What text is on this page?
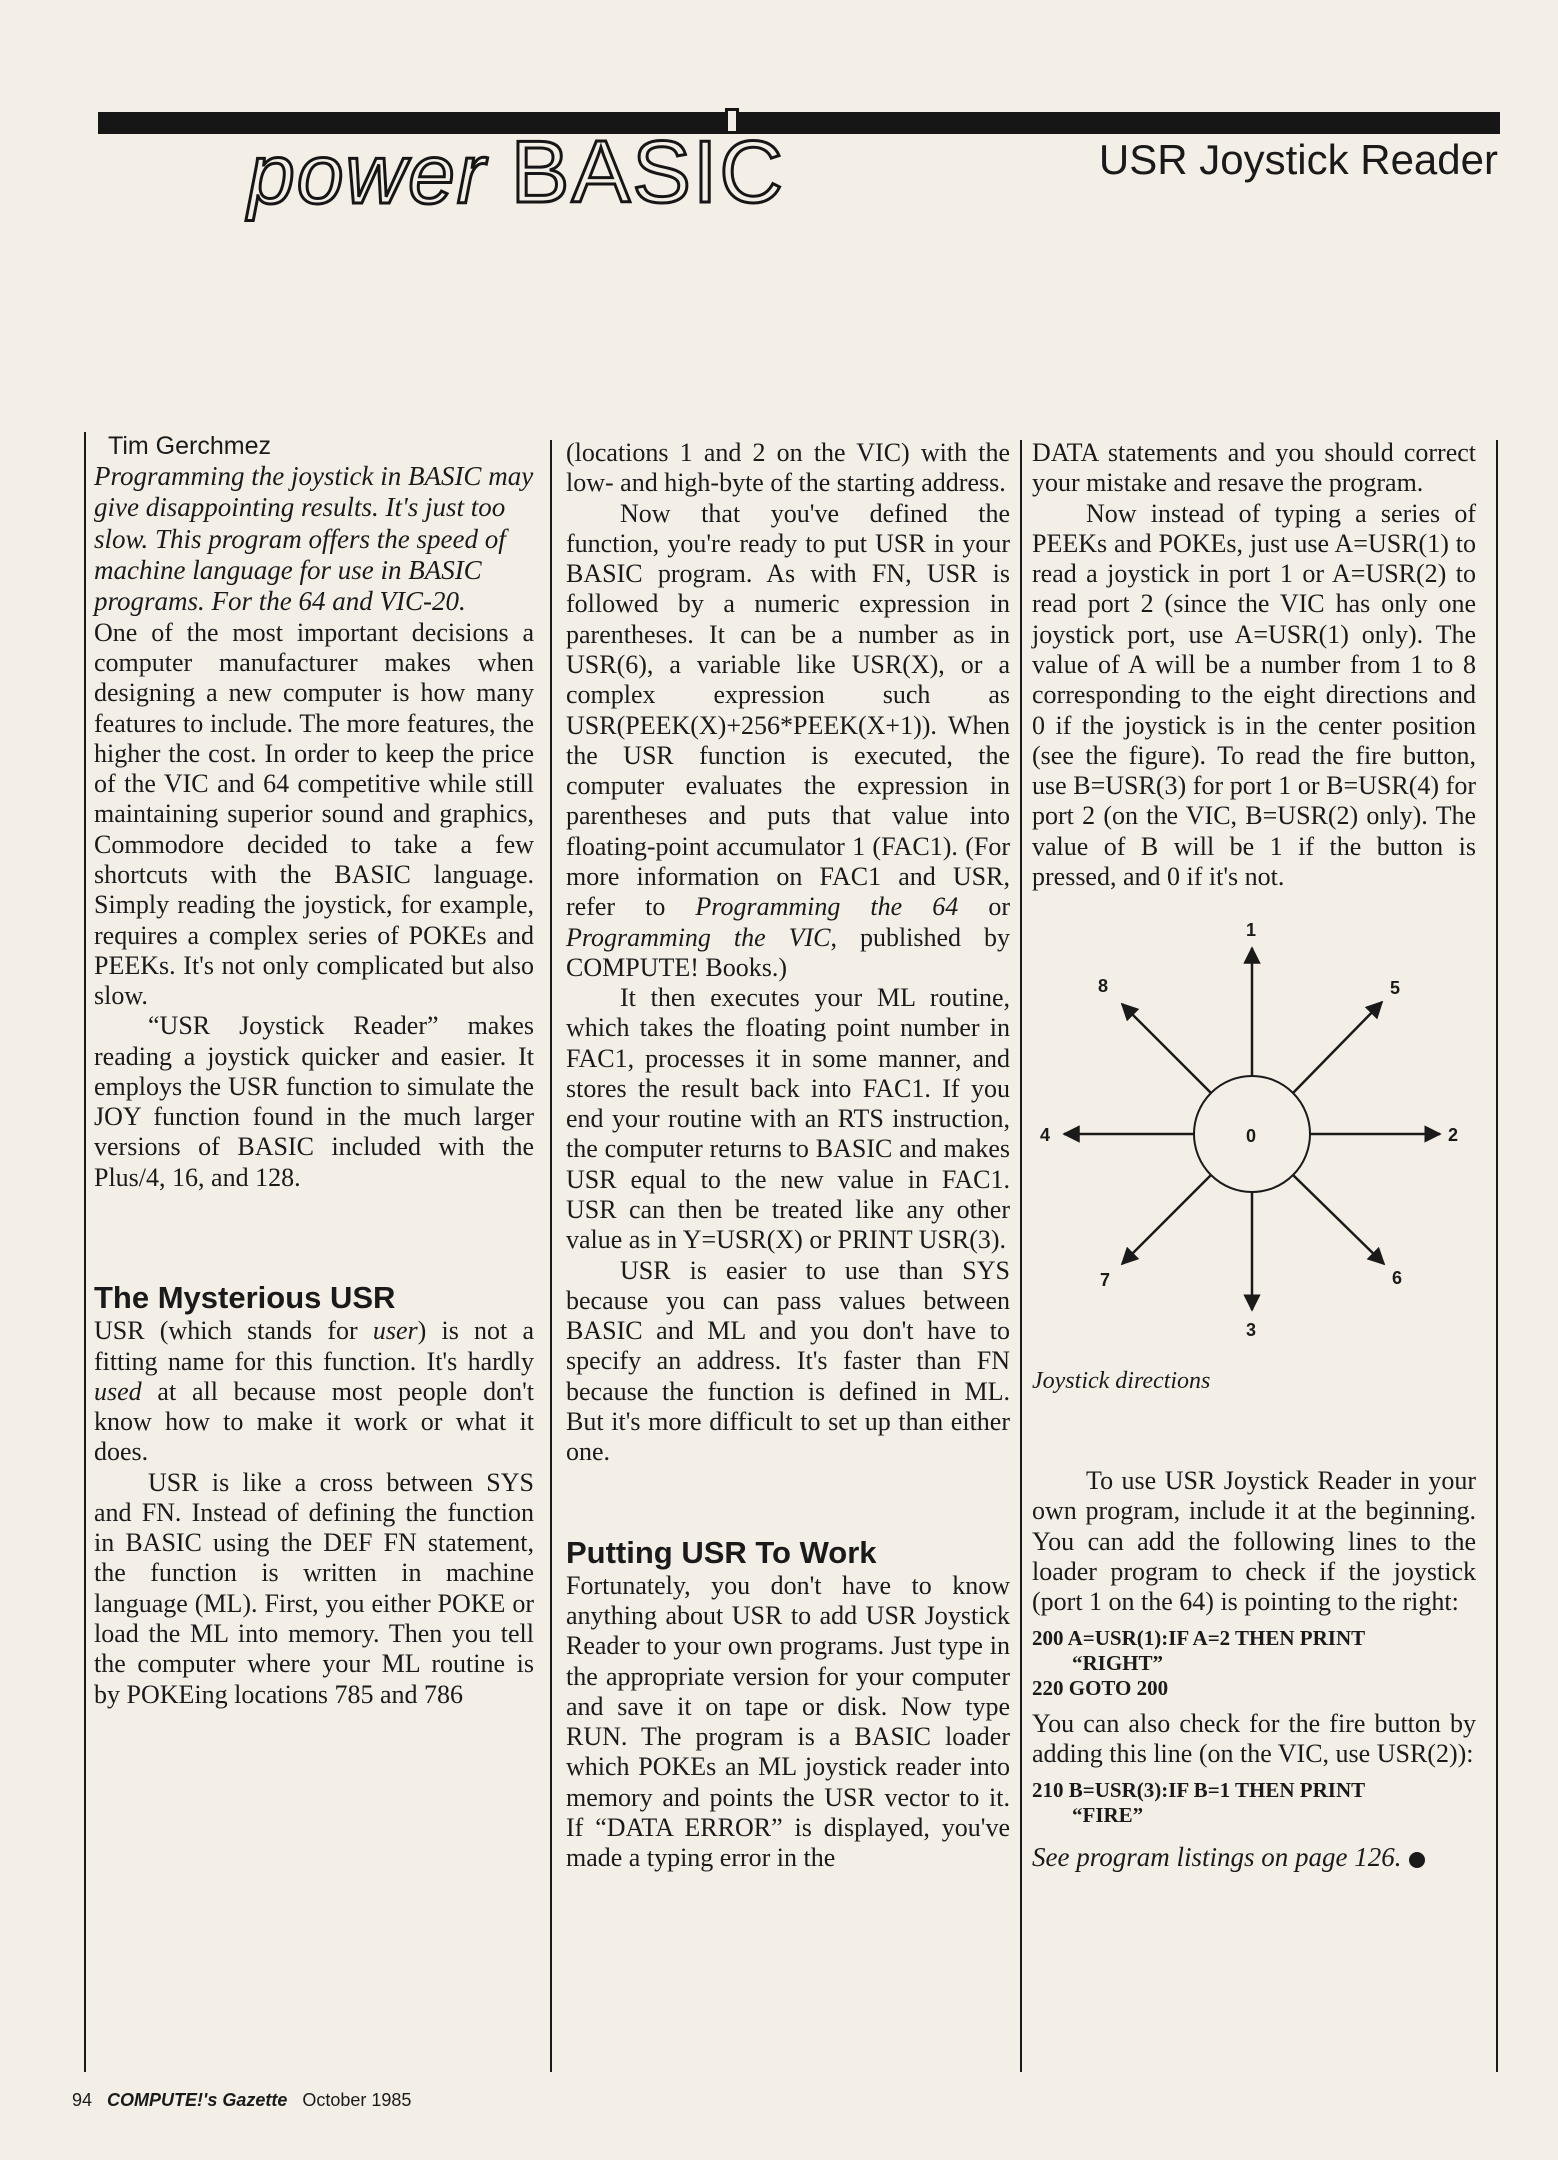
power BASIC	USR Joystick Reader
Tim Gerchmez

Programming the joystick in BASIC may give disappointing results. It's just too slow. This program offers the speed of machine language for use in BASIC programs. For the 64 and VIC-20.

One of the most important decisions a computer manufacturer makes when designing a new computer is how many features to include. The more features, the higher the cost. In order to keep the price of the VIC and 64 competitive while still maintaining superior sound and graphics, Commodore decided to take a few shortcuts with the BASIC language. Simply reading the joystick, for example, requires a complex series of POKEs and PEEKs. It's not only complicated but also slow.

“USR Joystick Reader” makes reading a joystick quicker and easier. It employs the USR function to simulate the JOY function found in the much larger versions of BASIC included with the Plus/4, 16, and 128.

The Mysterious USR

USR (which stands for user) is not a fitting name for this function. It's hardly used at all because most people don't know how to make it work or what it does.

USR is like a cross between SYS and FN. Instead of defining the function in BASIC using the DEF FN statement, the function is written in machine language (ML). First, you either POKE or load the ML into memory. Then you tell the computer where your ML routine is by POKEing locations 785 and 786

(locations 1 and 2 on the VIC) with the low- and high-byte of the starting address.

Now that you've defined the function, you're ready to put USR in your BASIC program. As with FN, USR is followed by a numeric expression in parentheses. It can be a number as in USR(6), a variable like USR(X), or a complex expression such as USR(PEEK(X)+256*PEEK(X+1)). When the USR function is executed, the computer evaluates the expression in parentheses and puts that value into floating-point accumulator 1 (FAC1). (For more information on FAC1 and USR, refer to Programming the 64 or Programming the VIC, published by COMPUTE! Books.)

It then executes your ML routine, which takes the floating point number in FAC1, processes it in some manner, and stores the result back into FAC1. If you end your routine with an RTS instruction, the computer returns to BASIC and makes USR equal to the new value in FAC1. USR can then be treated like any other value as in Y=USR(X) or PRINT USR(3).

USR is easier to use than SYS because you can pass values between BASIC and ML and you don't have to specify an address. It's faster than FN because the function is defined in ML. But it's more difficult to set up than either one.

Putting USR To Work

Fortunately, you don't have to know anything about USR to add USR Joystick Reader to your own programs. Just type in the appropriate version for your computer and save it on tape or disk. Now type RUN. The program is a BASIC loader which POKEs an ML joystick reader into memory and points the USR vector to it. If “DATA ERROR” is displayed, you've made a typing error in the

DATA statements and you should correct your mistake and resave the program.

Now instead of typing a series of PEEKs and POKEs, just use A=USR(1) to read a joystick in port 1 or A=USR(2) to read port 2 (since the VIC has only one joystick port, use A=USR(1) only). The value of A will be a number from 1 to 8 corresponding to the eight directions and 0 if the joystick is in the center position (see the figure). To read the fire button, use B=USR(3) for port 1 or B=USR(4) for port 2 (on the VIC, B=USR(2) only). The value of B will be 1 if the button is pressed, and 0 if it's not.

0
1
2
3
4
5
6
7
8
Joystick directions

To use USR Joystick Reader in your own program, include it at the beginning. You can add the following lines to the loader program to check if the joystick (port 1 on the 64) is pointing to the right:

200 A=USR(1):IF A=2 THEN PRINT

“RIGHT”
220 GOTO 200

You can also check for the fire button by adding this line (on the VIC, use USR(2)):

210 B=USR(3):IF B=1 THEN PRINT

“FIRE”
See program listings on page 126.
94 COMPUTE!'s Gazette October 1985
